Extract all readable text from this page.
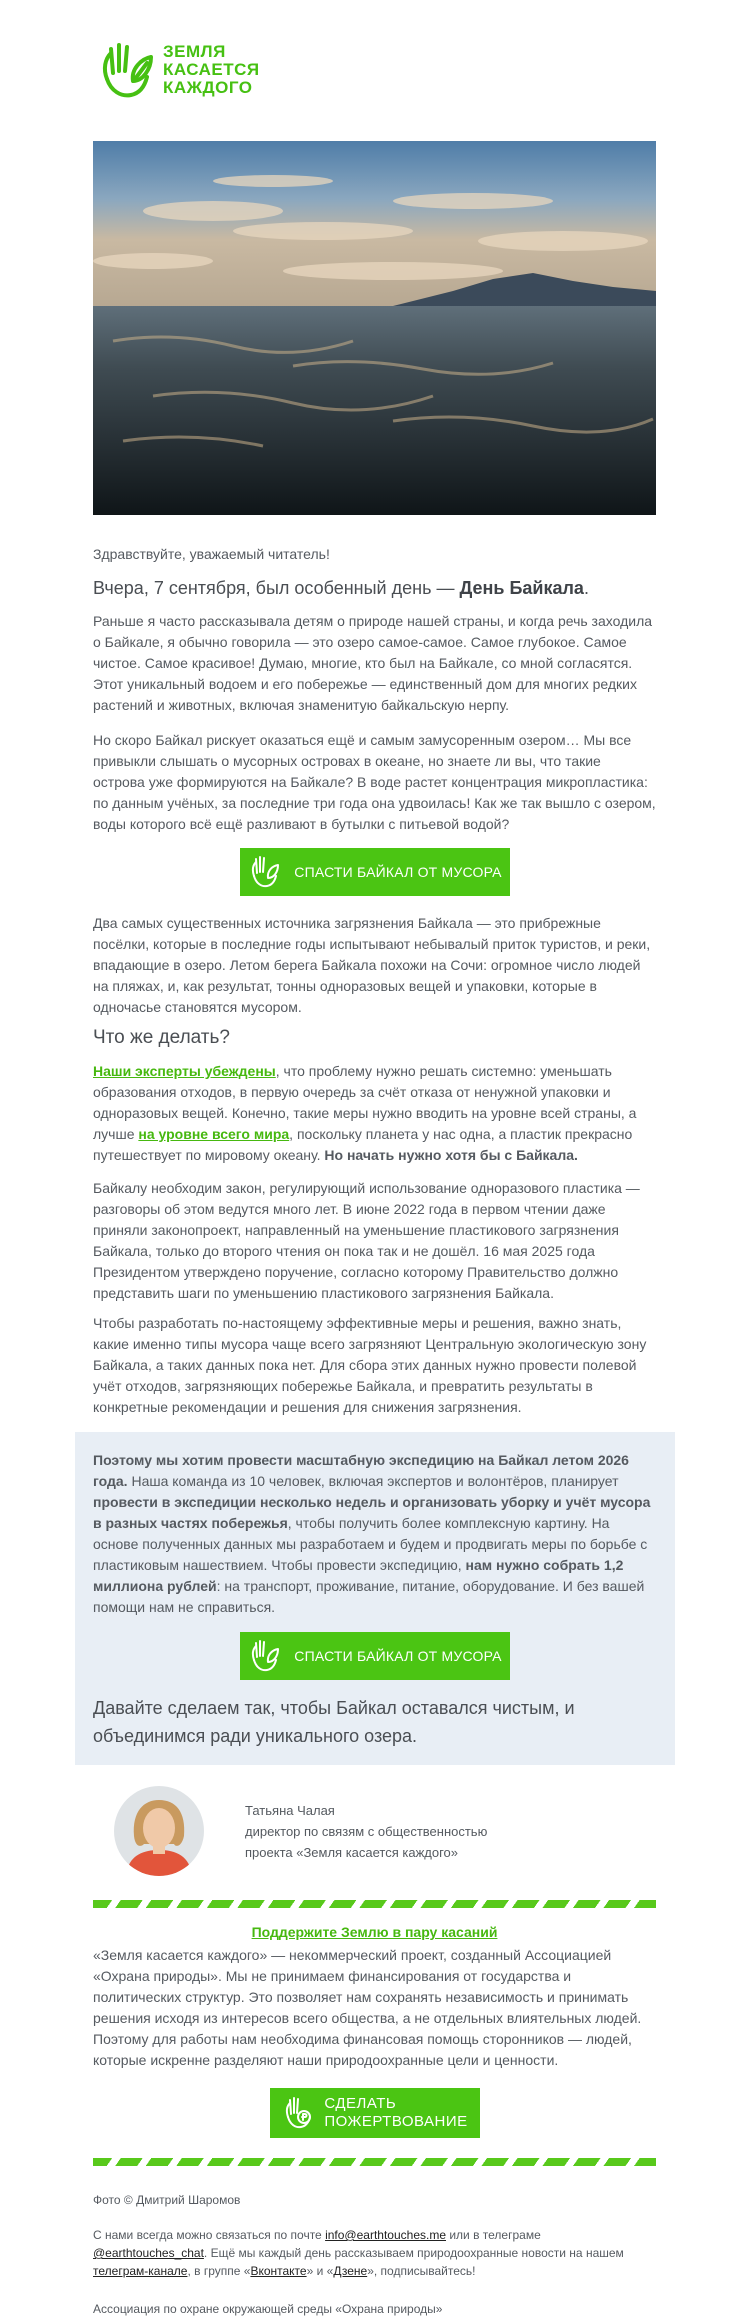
ЗЕМЛЯ
КАСАЕТСЯ
КАЖДОГО

Здравствуйте, уважаемый читатель!

Вчера, 7 сентября, был особенный день — День Байкала.

Раньше я часто рассказывала детям о природе нашей страны, и когда речь заходила о Байкале, я обычно говорила — это озеро самое-самое. Самое глубокое. Самое чистое. Самое красивое! Думаю, многие, кто был на Байкале, со мной согласятся. Этот уникальный водоем и его побережье — единственный дом для многих редких растений и животных, включая знаменитую байкальскую нерпу.

Но скоро Байкал рискует оказаться ещё и самым замусоренным озером… Мы все привыкли слышать о мусорных островах в океане, но знаете ли вы, что такие острова уже формируются на Байкале? В воде растет концентрация микропластика: по данным учёных, за последние три года она удвоилась! Как же так вышло с озером, воды которого всё ещё разливают в бутылки с питьевой водой?

СПАСТИ БАЙКАЛ ОТ МУСОРА

Два самых существенных источника загрязнения Байкала — это прибрежные посёлки, которые в последние годы испытывают небывалый приток туристов, и реки, впадающие в озеро. Летом берега Байкала похожи на Сочи: огромное число людей на пляжах, и, как результат, тонны одноразовых вещей и упаковки, которые в одночасье становятся мусором.

Что же делать?

Наши эксперты убеждены, что проблему нужно решать системно: уменьшать образования отходов, в первую очередь за счёт отказа от ненужной упаковки и одноразовых вещей. Конечно, такие меры нужно вводить на уровне всей страны, а лучше на уровне всего мира, поскольку планета у нас одна, а пластик прекрасно путешествует по мировому океану. Но начать нужно хотя бы с Байкала.

Байкалу необходим закон, регулирующий использование одноразового пластика — разговоры об этом ведутся много лет. В июне 2022 года в первом чтении даже приняли законопроект, направленный на уменьшение пластикового загрязнения Байкала, только до второго чтения он пока так и не дошёл. 16 мая 2025 года Президентом утверждено поручение, согласно которому Правительство должно представить шаги по уменьшению пластикового загрязнения Байкала.

Чтобы разработать по-настоящему эффективные меры и решения, важно знать, какие именно типы мусора чаще всего загрязняют Центральную экологическую зону Байкала, а таких данных пока нет. Для сбора этих данных нужно провести полевой учёт отходов, загрязняющих побережье Байкала, и превратить результаты в конкретные рекомендации и решения для снижения загрязнения.

Поэтому мы хотим провести масштабную экспедицию на Байкал летом 2026 года. Наша команда из 10 человек, включая экспертов и волонтёров, планирует провести в экспедиции несколько недель и организовать уборку и учёт мусора в разных частях побережья, чтобы получить более комплексную картину. На основе полученных данных мы разработаем и будем и продвигать меры по борьбе с пластиковым нашествием. Чтобы провести экспедицию, нам нужно собрать 1,2 миллиона рублей: на транспорт, проживание, питание, оборудование. И без вашей помощи нам не справиться.

СПАСТИ БАЙКАЛ ОТ МУСОРА

Давайте сделаем так, чтобы Байкал оставался чистым, и объединимся ради уникального озера.

Татьяна Чалая
директор по связям с общественностью
проекта «Земля касается каждого»
Поддержите Землю в пару касаний

«Земля касается каждого» — некоммерческий проект, созданный Ассоциацией «Охрана природы». Мы не принимаем финансирования от государства и политических структур. Это позволяет нам сохранять независимость и принимать решения исходя из интересов всего общества, а не отдельных влиятельных людей. Поэтому для работы нам необходима финансовая помощь сторонников — людей, которые искренне разделяют наши природоохранные цели и ценности.

СДЕЛАТЬ
ПОЖЕРТВОВАНИЕ

Фото © Дмитрий Шаромов

С нами всегда можно связаться по почте info@earthtouches.me или в телеграме @earthtouches_chat. Ещё мы каждый день рассказываем природоохранные новости на нашем телеграм-канале, в группе «Вконтакте» и «Дзене», подписывайтесь!

Ассоциация по охране окружающей среды «Охрана природы»
